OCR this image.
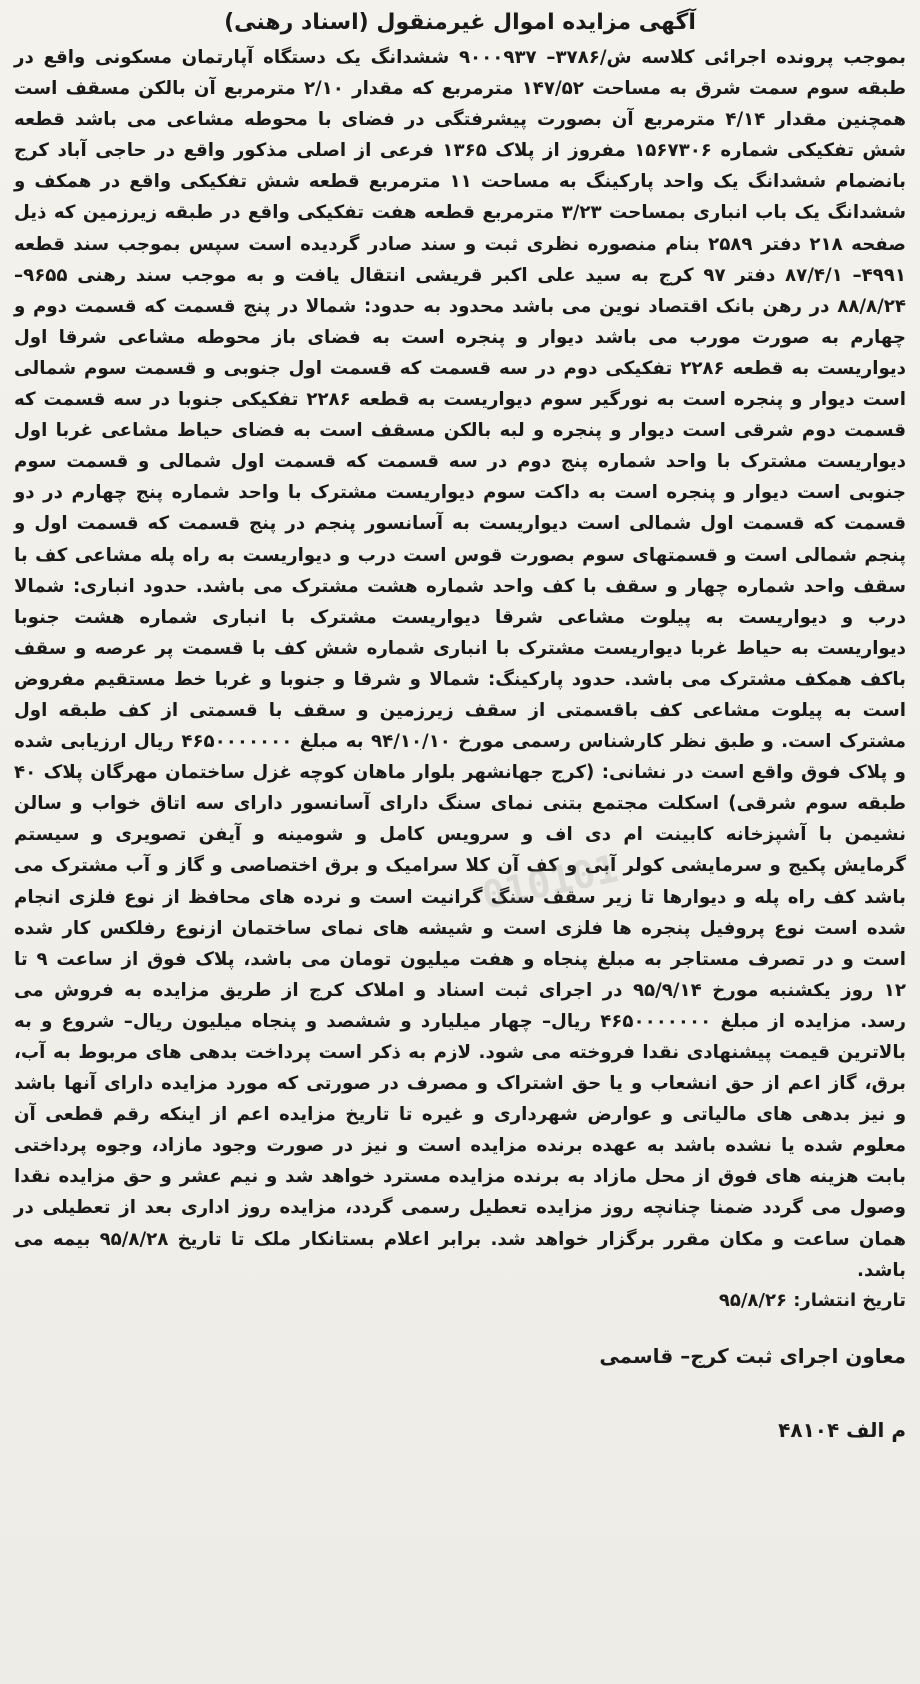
آگهی مزایده اموال غیرمنقول (اسناد رهنی)

بموجب پرونده اجرائی کلاسه ش/۳۷۸۶– ۹۰۰۰۹۳۷ ششدانگ یک دستگاه آپارتمان مسکونی واقع در طبقه سوم سمت شرق به مساحت ۱۴۷/۵۲ مترمربع که مقدار ۲/۱۰ مترمربع آن بالکن مسقف است همچنین مقدار ۴/۱۴ مترمربع آن بصورت پیشرفتگی در فضای با محوطه مشاعی می باشد قطعه شش تفکیکی شماره ۱۵۶۷۳۰۶ مفروز از پلاک ۱۳۶۵ فرعی از اصلی مذکور واقع در حاجی آباد کرج بانضمام ششدانگ یک واحد پارکینگ به مساحت ۱۱ مترمربع قطعه شش تفکیکی واقع در همکف و ششدانگ یک باب انباری بمساحت ۳/۲۳ مترمربع قطعه هفت تفکیکی واقع در طبقه زیرزمین که ذیل صفحه ۲۱۸ دفتر ۲۵۸۹ بنام منصوره نظری ثبت و سند صادر گردیده است سپس بموجب سند قطعه ۴۹۹۱– ۸۷/۴/۱ دفتر ۹۷ کرج به سید علی اکبر قریشی انتقال یافت و به موجب سند رهنی ۹۶۵۵– ۸۸/۸/۲۴ در رهن بانک اقتصاد نوین می باشد محدود به حدود: شمالا در پنج قسمت که قسمت دوم و چهارم به صورت مورب می باشد دیوار و پنجره است به فضای باز محوطه مشاعی شرقا اول دیواریست به قطعه ۲۲۸۶ تفکیکی دوم در سه قسمت که قسمت اول جنوبی و قسمت سوم شمالی است دیوار و پنجره است به نورگیر سوم دیواریست به قطعه ۲۲۸۶ تفکیکی جنوبا در سه قسمت که قسمت دوم شرقی است دیوار و پنجره و لبه بالکن مسقف است به فضای حیاط مشاعی غربا اول دیواریست مشترک با واحد شماره پنج دوم در سه قسمت که قسمت اول شمالی و قسمت سوم جنوبی است دیوار و پنجره است به داکت سوم دیواریست مشترک با واحد شماره پنج چهارم در دو قسمت که قسمت اول شمالی است دیواریست به آسانسور پنجم در پنج قسمت که قسمت اول و پنجم شمالی است و قسمتهای سوم بصورت قوس است درب و دیواریست به راه پله مشاعی کف با سقف واحد شماره چهار و سقف با کف واحد شماره هشت مشترک می باشد. حدود انباری: شمالا درب و دیواریست به پیلوت مشاعی شرقا دیواریست مشترک با انباری شماره هشت جنوبا دیواریست به حیاط غربا دیواریست مشترک با انباری شماره شش کف با قسمت پر عرصه و سقف باکف همکف مشترک می باشد. حدود پارکینگ: شمالا و شرقا و جنوبا و غربا خط مستقیم مفروض است به پیلوت مشاعی کف باقسمتی از سقف زیرزمین و سقف با قسمتی از کف طبقه اول مشترک است. و طبق نظر کارشناس رسمی مورخ ۹۴/۱۰/۱۰ به مبلغ ۴۶۵۰۰۰۰۰۰۰ ریال ارزیابی شده و پلاک فوق واقع است در نشانی: (کرج جهانشهر بلوار ماهان کوچه غزل ساختمان مهرگان پلاک ۴۰ طبقه سوم شرقی) اسکلت مجتمع بتنی نمای سنگ دارای آسانسور دارای سه اتاق خواب و سالن نشیمن با آشپزخانه کابینت ام دی اف و سرویس کامل و شومینه و آیفن تصویری و سیستم گرمایش پکیج و سرمایشی کولر آبی و کف آن کلا سرامیک و برق اختصاصی و گاز و آب مشترک می باشد کف راه پله و دیوارها تا زیر سقف سنگ گرانیت است و نرده های محافظ از نوع فلزی انجام شده است نوع پروفیل پنجره ها فلزی است و شیشه های نمای ساختمان ازنوع رفلکس کار شده است و در تصرف مستاجر به مبلغ پنجاه و هفت میلیون تومان می باشد، پلاک فوق از ساعت ۹ تا ۱۲ روز یکشنبه مورخ ۹۵/۹/۱۴ در اجرای ثبت اسناد و املاک کرج از طریق مزایده به فروش می رسد. مزایده از مبلغ ۴۶۵۰۰۰۰۰۰۰ ریال– چهار میلیارد و ششصد و پنجاه میلیون ریال– شروع و به بالاترین قیمت پیشنهادی نقدا فروخته می شود. لازم به ذکر است پرداخت بدهی های مربوط به آب، برق، گاز اعم از حق انشعاب و یا حق اشتراک و مصرف در صورتی که مورد مزایده دارای آنها باشد و نیز بدهی های مالیاتی و عوارض شهرداری و غیره تا تاریخ مزایده اعم از اینکه رقم قطعی آن معلوم شده یا نشده باشد به عهده برنده مزایده است و نیز در صورت وجود مازاد، وجوه پرداختی بابت هزینه های فوق از محل مازاد به برنده مزایده مسترد خواهد شد و نیم عشر و حق مزایده نقدا وصول می گردد ضمنا چنانچه روز مزایده تعطیل رسمی گردد، مزایده روز اداری بعد از تعطیلی در همان ساعت و مکان مقرر برگزار خواهد شد. برابر اعلام بستانکار ملک تا تاریخ ۹۵/۸/۲۸ بیمه می باشد.

تاریخ انتشار: ۹۵/۸/۲۶

معاون اجرای ثبت کرج– قاسمی

م الف ۴۸۱۰۴

010101
